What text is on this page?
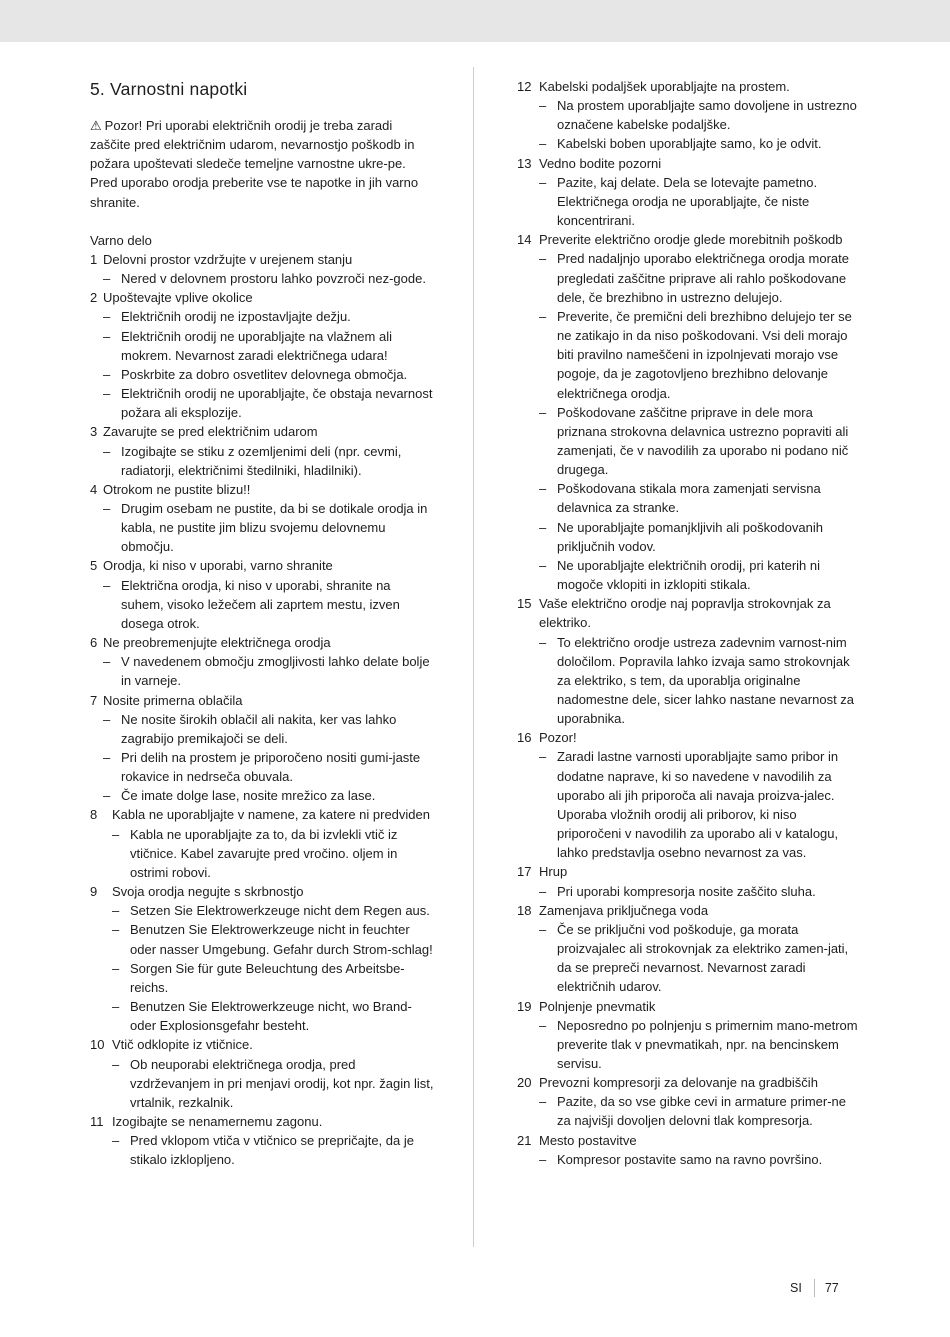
5. Varnostni napotki

⚠ Pozor! Pri uporabi električnih orodij je treba zaradi zaščite pred električnim udarom, nevarnostjo poškodb in požara upoštevati sledeče temeljne varnostne ukre-pe. Pred uporabo orodja preberite vse te napotke in jih varno shranite.

Varno delo

1 Delovni prostor vzdržujte v urejenem stanju
– Nered v delovnem prostoru lahko povzroči nez-gode.
2 Upoštevajte vplive okolice
– Električnih orodij ne izpostavljajte dežju.
– Električnih orodij ne uporabljajte na vlažnem ali mokrem. Nevarnost zaradi električnega udara!
– Poskrbite za dobro osvetlitev delovnega območja.
– Električnih orodij ne uporabljajte, če obstaja nevarnost požara ali eksplozije.
3 Zavarujte se pred električnim udarom
– Izogibajte se stiku z ozemljenimi deli (npr. cevmi, radiatorji, električnimi štedilniki, hladilniki).
4 Otrokom ne pustite blizu!!
– Drugim osebam ne pustite, da bi se dotikale orodja in kabla, ne pustite jim blizu svojemu delovnemu območju.
5 Orodja, ki niso v uporabi, varno shranite
– Električna orodja, ki niso v uporabi, shranite na suhem, visoko ležečem ali zaprtem mestu, izven dosega otrok.
6 Ne preobremenjujte električnega orodja
– V navedenem območju zmogljivosti lahko delate bolje in varneje.
7 Nosite primerna oblačila
– Ne nosite širokih oblačil ali nakita, ker vas lahko zagrabijo premikajoči se deli.
– Pri delih na prostem je priporočeno nositi gumi-jaste rokavice in nedrseča obuvala.
– Če imate dolge lase, nosite mrežico za lase.
8	Kabla ne uporabljajte v namene, za katere ni predviden
– Kabla ne uporabljajte za to, da bi izvlekli vtič iz vtičnice. Kabel zavarujte pred vročino. oljem in ostrimi robovi.
9	Svoja orodja negujte s skrbnostjo
– Setzen Sie Elektrowerkzeuge nicht dem Regen aus.
– Benutzen Sie Elektrowerkzeuge nicht in feuchter oder nasser Umgebung. Gefahr durch Strom-schlag!
– Sorgen Sie für gute Beleuchtung des Arbeitsbe-reichs.
– Benutzen Sie Elektrowerkzeuge nicht, wo Brand-oder Explosionsgefahr besteht.
10 Vtič odklopite iz vtičnice.
– Ob neuporabi električnega orodja, pred vzdrževanjem in pri menjavi orodij, kot npr. žagin list, vrtalnik, rezkalnik.
11 Izogibajte se nenamernemu zagonu.
– Pred vklopom vtiča v vtičnico se prepričajte, da je stikalo izklopljeno.
12 Kabelski podaljšek uporabljajte na prostem.
– Na prostem uporabljajte samo dovoljene in ustrezno označene kabelske podaljške.
– Kabelski boben uporabljajte samo, ko je odvit.
13 Vedno bodite pozorni
– Pazite, kaj delate. Dela se lotevajte pametno. Električnega orodja ne uporabljajte, če niste koncentrirani.
14 Preverite električno orodje glede morebitnih poškodb
– Pred nadaljnjo uporabo električnega orodja morate pregledati zaščitne priprave ali rahlo poškodovane dele, če brezhibno in ustrezno delujejo.
– Preverite, če premični deli brezhibno delujejo ter se ne zatikajo in da niso poškodovani. Vsi deli morajo biti pravilno nameščeni in izpolnjevati morajo vse pogoje, da je zagotovljeno brezhibno delovanje električnega orodja.
– Poškodovane zaščitne priprave in dele mora priznana strokovna delavnica ustrezno popraviti ali zamenjati, če v navodilih za uporabo ni podano nič drugega.
– Poškodovana stikala mora zamenjati servisna delavnica za stranke.
– Ne uporabljajte pomanjkljivih ali poškodovanih priključnih vodov.
– Ne uporabljajte električnih orodij, pri katerih ni mogoče vklopiti in izklopiti stikala.
15 Vaše električno orodje naj popravlja strokovnjak za elektriko.
– To električno orodje ustreza zadevnim varnost-nim določilom. Popravila lahko izvaja samo strokovnjak za elektriko, s tem, da uporablja originalne nadomestne dele, sicer lahko nastane nevarnost za uporabnika.
16 Pozor!
– Zaradi lastne varnosti uporabljajte samo pribor in dodatne naprave, ki so navedene v navodilih za uporabo ali jih priporoča ali navaja proizva-jalec. Uporaba vložnih orodij ali priborov, ki niso priporočeni v navodilih za uporabo ali v katalogu, lahko predstavlja osebno nevarnost za vas.
17 Hrup
– Pri uporabi kompresorja nosite zaščito sluha.
18 Zamenjava priključnega voda
– Če se priključni vod poškoduje, ga morata proizvajalec ali strokovnjak za elektriko zamen-jati, da se prepreči nevarnost. Nevarnost zaradi električnih udarov.
19 Polnjenje pnevmatik
– Neposredno po polnjenju s primernim mano-metrom preverite tlak v pnevmatikah, npr. na bencinskem servisu.
20 Prevozni kompresorji za delovanje na gradbiščih
– Pazite, da so vse gibke cevi in armature primer-ne za najvišji dovoljen delovni tlak kompresorja.
21 Mesto postavitve
– Kompresor postavite samo na ravno površino.
SI	77
